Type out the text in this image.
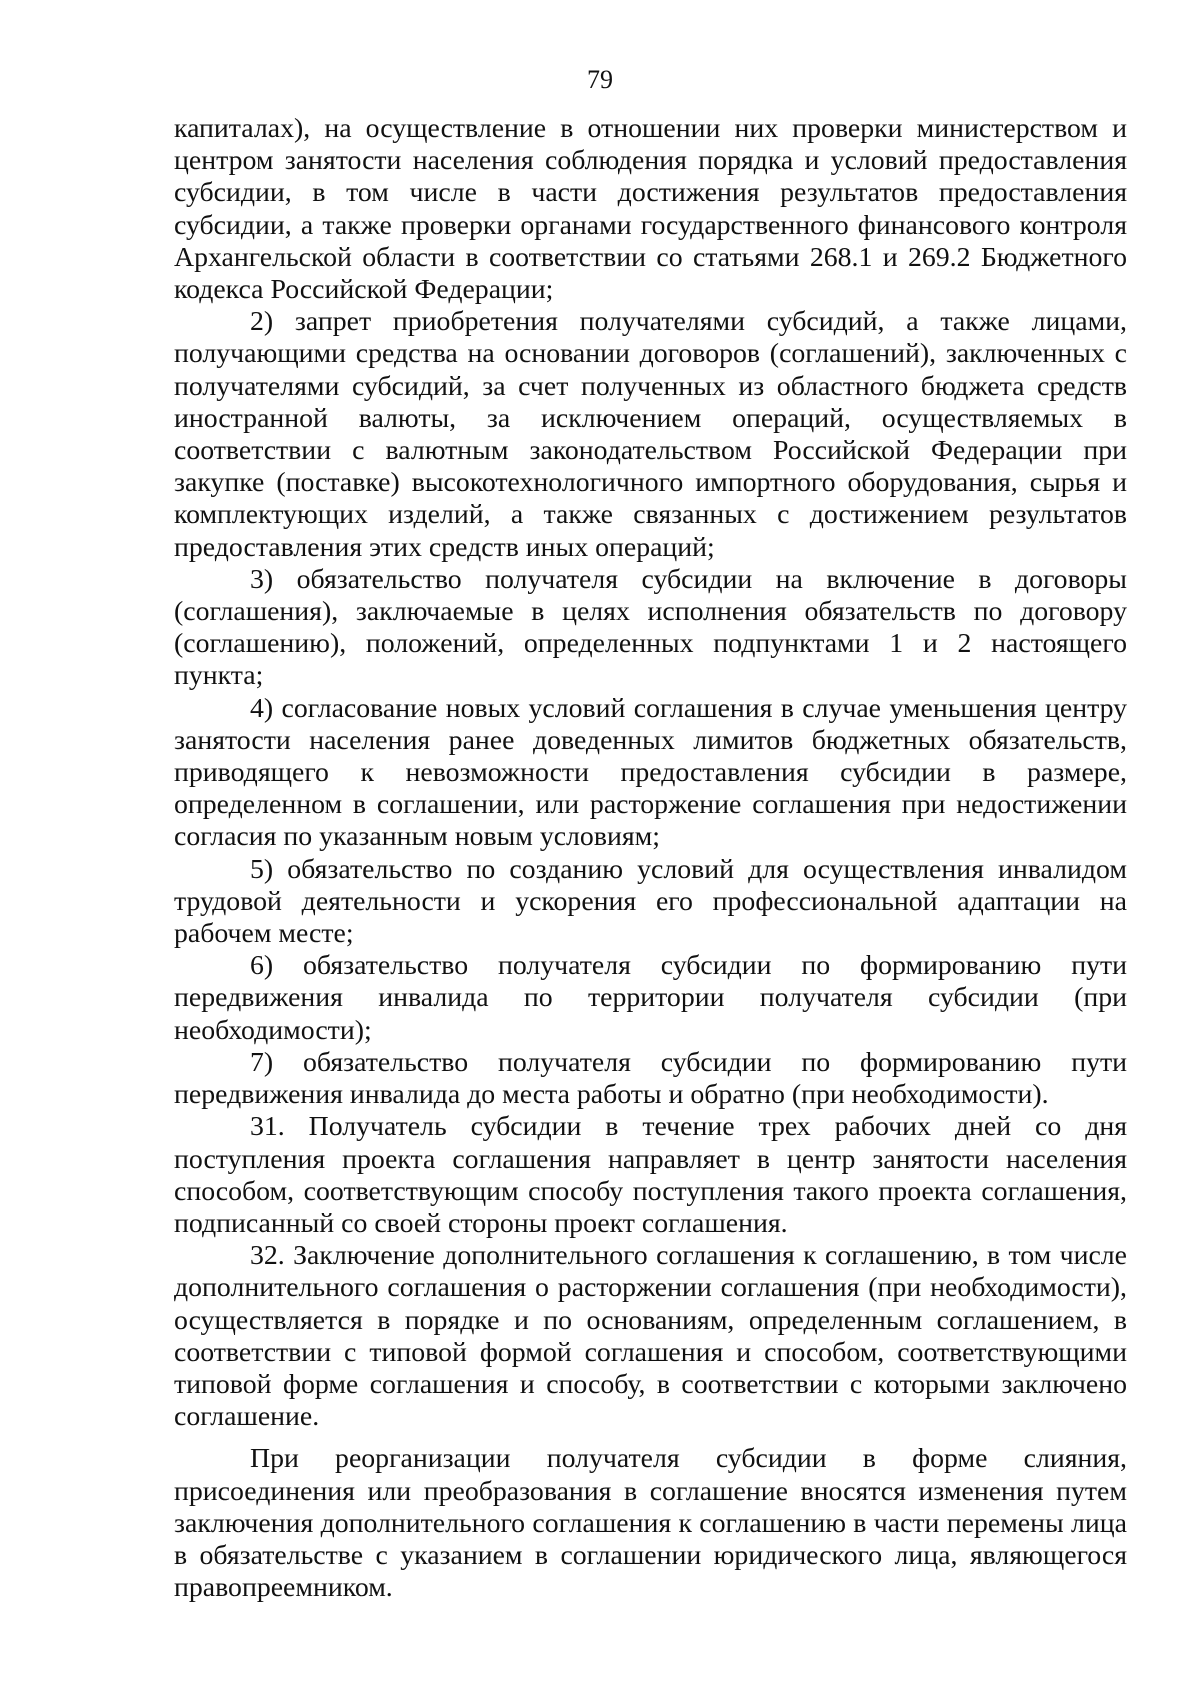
79

капиталах), на осуществление в отношении них проверки министерством и центром занятости населения соблюдения порядка и условий предоставления субсидии, в том числе в части достижения результатов предоставления субсидии, а также проверки органами государственного финансового контроля Архангельской области в соответствии со статьями 268.1 и 269.2 Бюджетного кодекса Российской Федерации;

2) запрет приобретения получателями субсидий, а также лицами, получающими средства на основании договоров (соглашений), заключенных с получателями субсидий, за счет полученных из областного бюджета средств иностранной валюты, за исключением операций, осуществляемых в соответствии с валютным законодательством Российской Федерации при закупке (поставке) высокотехнологичного импортного оборудования, сырья и комплектующих изделий, а также связанных с достижением результатов предоставления этих средств иных операций;

3) обязательство получателя субсидии на включение в договоры (соглашения), заключаемые в целях исполнения обязательств по договору (соглашению), положений, определенных подпунктами 1 и 2 настоящего пункта;

4) согласование новых условий соглашения в случае уменьшения центру занятости населения ранее доведенных лимитов бюджетных обязательств, приводящего к невозможности предоставления субсидии в размере, определенном в соглашении, или расторжение соглашения при недостижении согласия по указанным новым условиям;

5) обязательство по созданию условий для осуществления инвалидом трудовой деятельности и ускорения его профессиональной адаптации на рабочем месте;

6) обязательство получателя субсидии по формированию пути передвижения инвалида по территории получателя субсидии (при необходимости);

7) обязательство получателя субсидии по формированию пути передвижения инвалида до места работы и обратно (при необходимости).

31. Получатель субсидии в течение трех рабочих дней со дня поступления проекта соглашения направляет в центр занятости населения способом, соответствующим способу поступления такого проекта соглашения, подписанный со своей стороны проект соглашения.

32. Заключение дополнительного соглашения к соглашению, в том числе дополнительного соглашения о расторжении соглашения (при необходимости), осуществляется в порядке и по основаниям, определенным соглашением, в соответствии с типовой формой соглашения и способом, соответствующими типовой форме соглашения и способу, в соответствии с которыми заключено соглашение.

При реорганизации получателя субсидии в форме слияния, присоединения или преобразования в соглашение вносятся изменения путем заключения дополнительного соглашения к соглашению в части перемены лица в обязательстве с указанием в соглашении юридического лица, являющегося правопреемником.
